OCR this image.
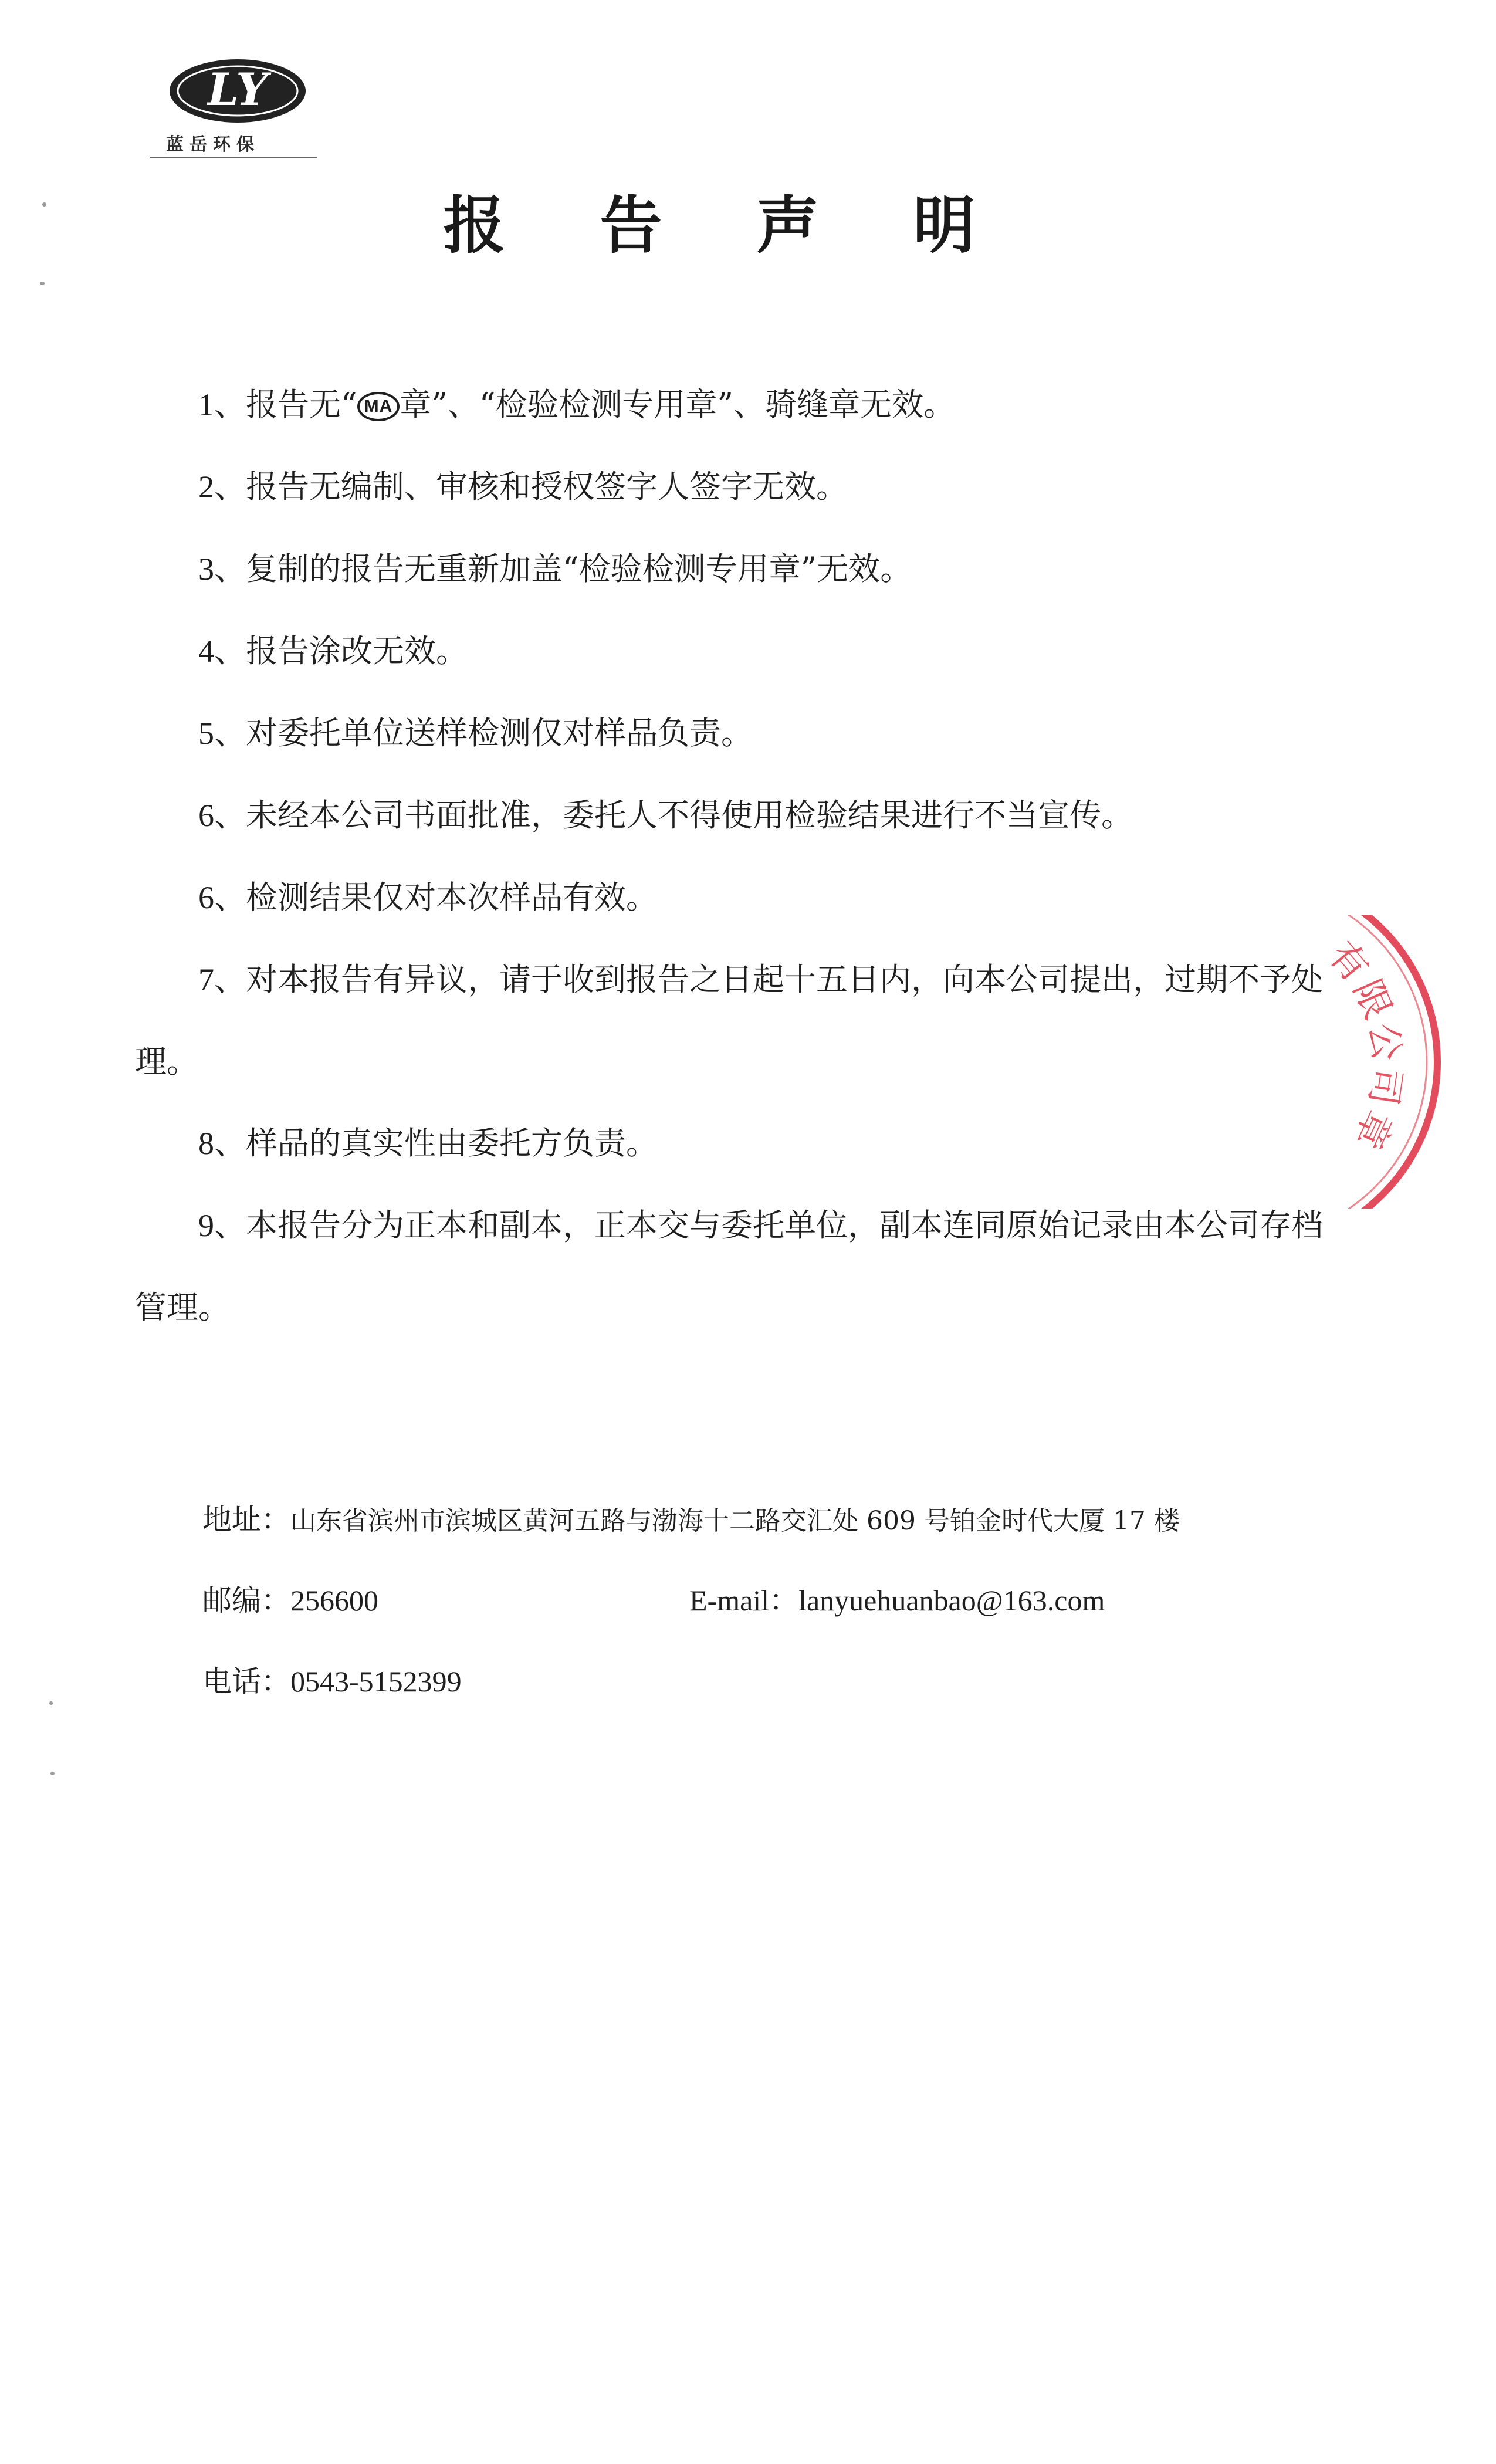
LY
蓝岳环保
报 告 声 明
1、报告无“ MA 章”、“检验检测专用章”、骑缝章无效。
2、报告无编制、审核和授权签字人签字无效。
3、复制的报告无重新加盖“检验检测专用章”无效。
4、报告涂改无效。
5、对委托单位送样检测仅对样品负责。
6、未经本公司书面批准，委托人不得使用检验结果进行不当宣传。
6、检测结果仅对本次样品有效。
7、对本报告有异议，请于收到报告之日起十五日内，向本公司提出，过期不予处理。
8、样品的真实性由委托方负责。
9、本报告分为正本和副本，正本交与委托单位，副本连同原始记录由本公司存档管理。
有限公司章
地址：山东省滨州市滨城区黄河五路与渤海十二路交汇处 609 号铂金时代大厦 17 楼
邮编：256600	E-mail：lanyuehuanbao@163.com
电话：0543-5152399
